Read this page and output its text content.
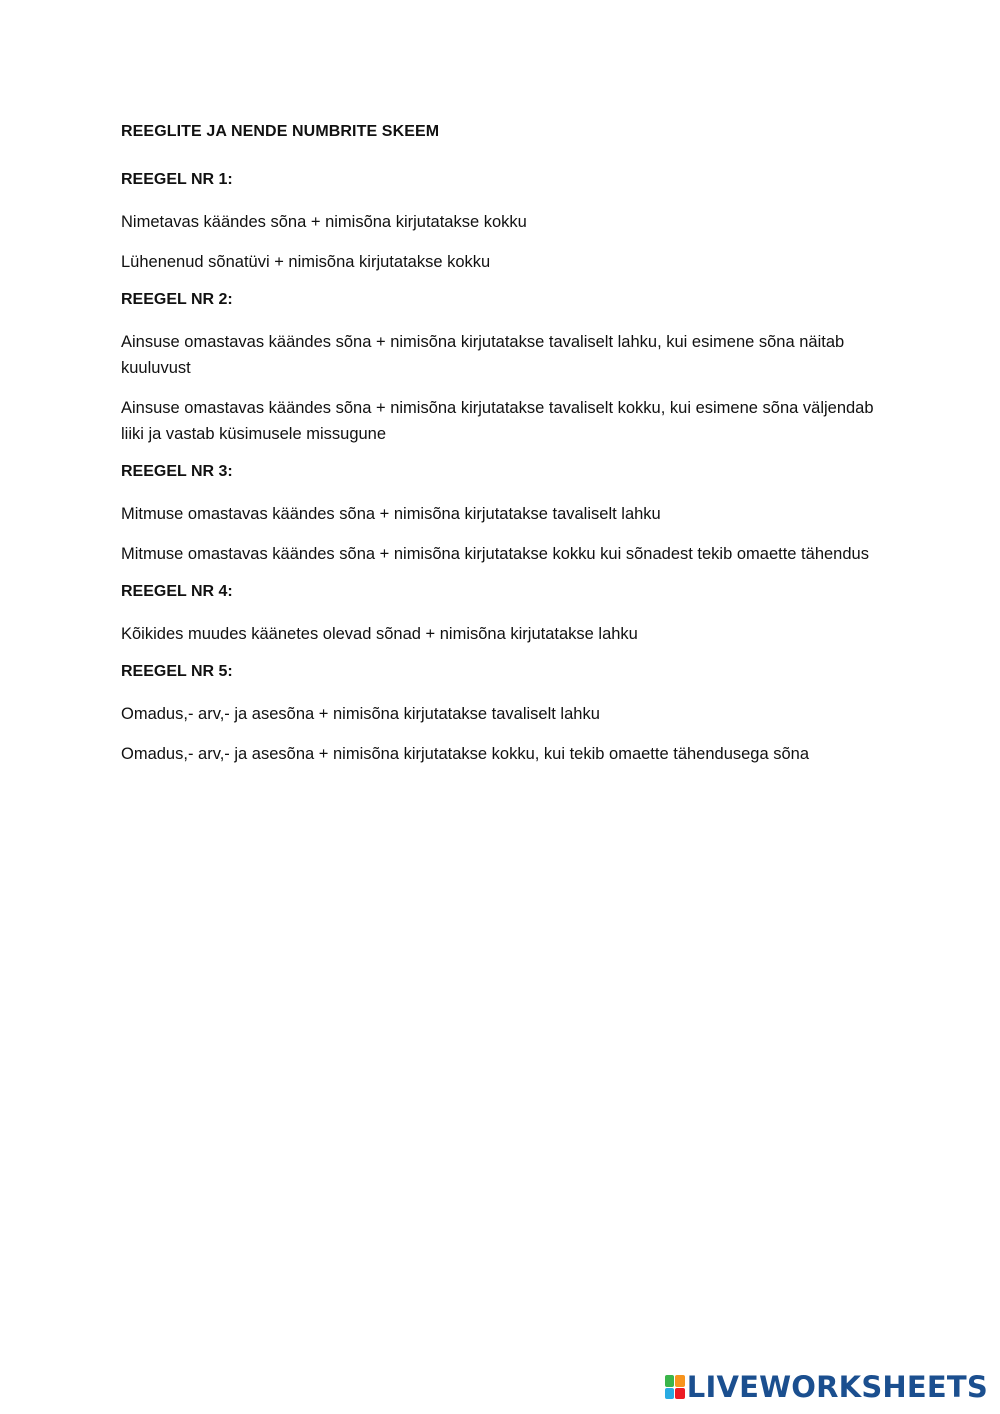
REEGLITE JA NENDE NUMBRITE SKEEM
REEGEL NR 1:

Nimetavas käändes sõna + nimisõna kirjutatakse kokku

Lühenenud sõnatüvi + nimisõna kirjutatakse kokku

REEGEL NR 2:

Ainsuse omastavas käändes sõna + nimisõna kirjutatakse tavaliselt lahku, kui esimene sõna näitab kuuluvust

Ainsuse omastavas käändes sõna + nimisõna kirjutatakse tavaliselt kokku, kui esimene sõna väljendab liiki ja vastab küsimusele missugune

REEGEL NR 3:

Mitmuse omastavas käändes sõna + nimisõna kirjutatakse tavaliselt lahku

Mitmuse omastavas käändes sõna + nimisõna kirjutatakse kokku kui sõnadest tekib omaette tähendus

REEGEL NR 4:

Kõikides muudes käänetes olevad sõnad + nimisõna kirjutatakse lahku

REEGEL NR 5:

Omadus,- arv,- ja asesõna + nimisõna kirjutatakse tavaliselt lahku

Omadus,- arv,- ja asesõna + nimisõna kirjutatakse kokku, kui tekib omaette tähendusega sõna

LIVEWORKSHEETS
